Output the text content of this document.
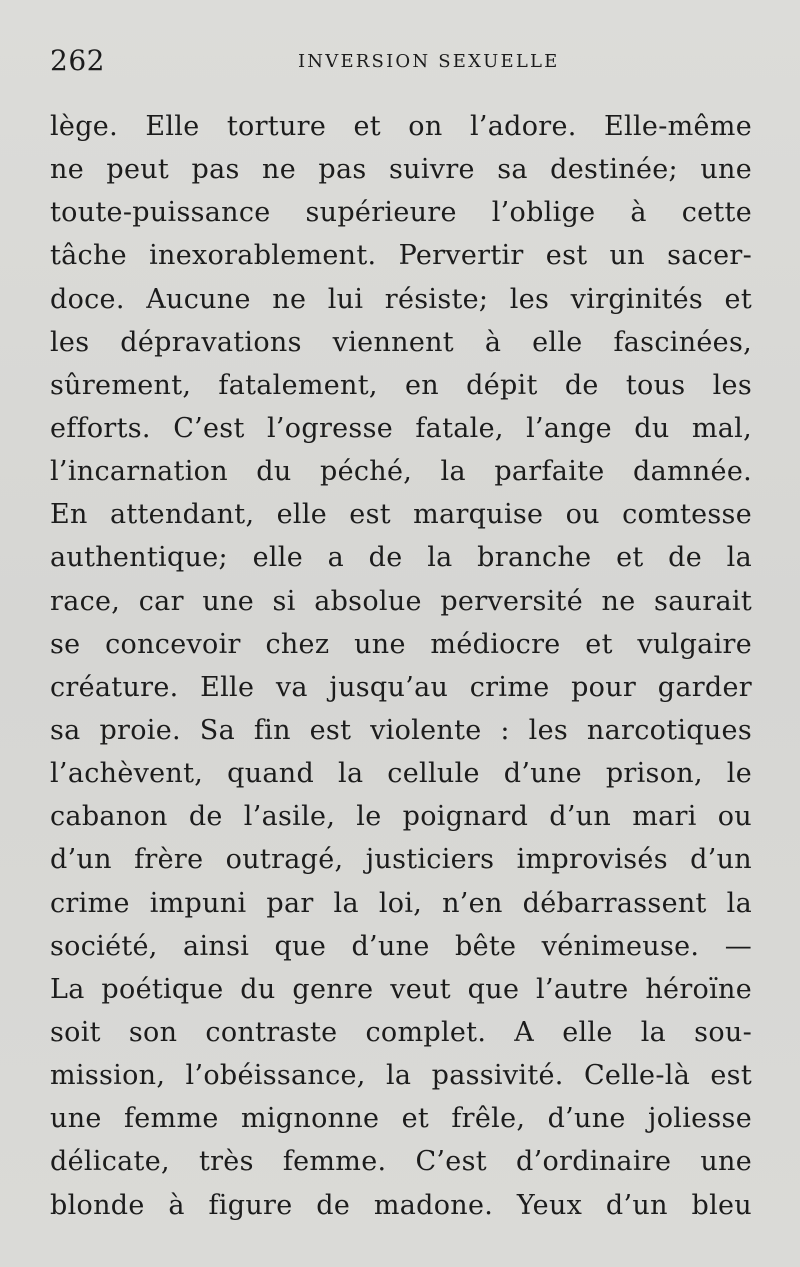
262	INVERSION SEXUELLE
lège. Elle torture et on l’adore. Elle-même
ne peut pas ne pas suivre sa destinée; une
toute-puissance supérieure l’oblige à cette
tâche inexorablement. Pervertir est un sacer-
doce. Aucune ne lui résiste; les virginités et
les dépravations viennent à elle fascinées,
sûrement, fatalement, en dépit de tous les
efforts. C’est l’ogresse fatale, l’ange du mal,
l’incarnation du péché, la parfaite damnée.
En attendant, elle est marquise ou comtesse
authentique; elle a de la branche et de la
race, car une si absolue perversité ne saurait
se concevoir chez une médiocre et vulgaire
créature. Elle va jusqu’au crime pour garder
sa proie. Sa fin est violente : les narcotiques
l’achèvent, quand la cellule d’une prison, le
cabanon de l’asile, le poignard d’un mari ou
d’un frère outragé, justiciers improvisés d’un
crime impuni par la loi, n’en débarrassent la
société, ainsi que d’une bête vénimeuse. —
La poétique du genre veut que l’autre héroïne
soit son contraste complet. A elle la sou-
mission, l’obéissance, la passivité. Celle-là est
une femme mignonne et frêle, d’une joliesse
délicate, très femme. C’est d’ordinaire une
blonde à figure de madone. Yeux d’un bleu
